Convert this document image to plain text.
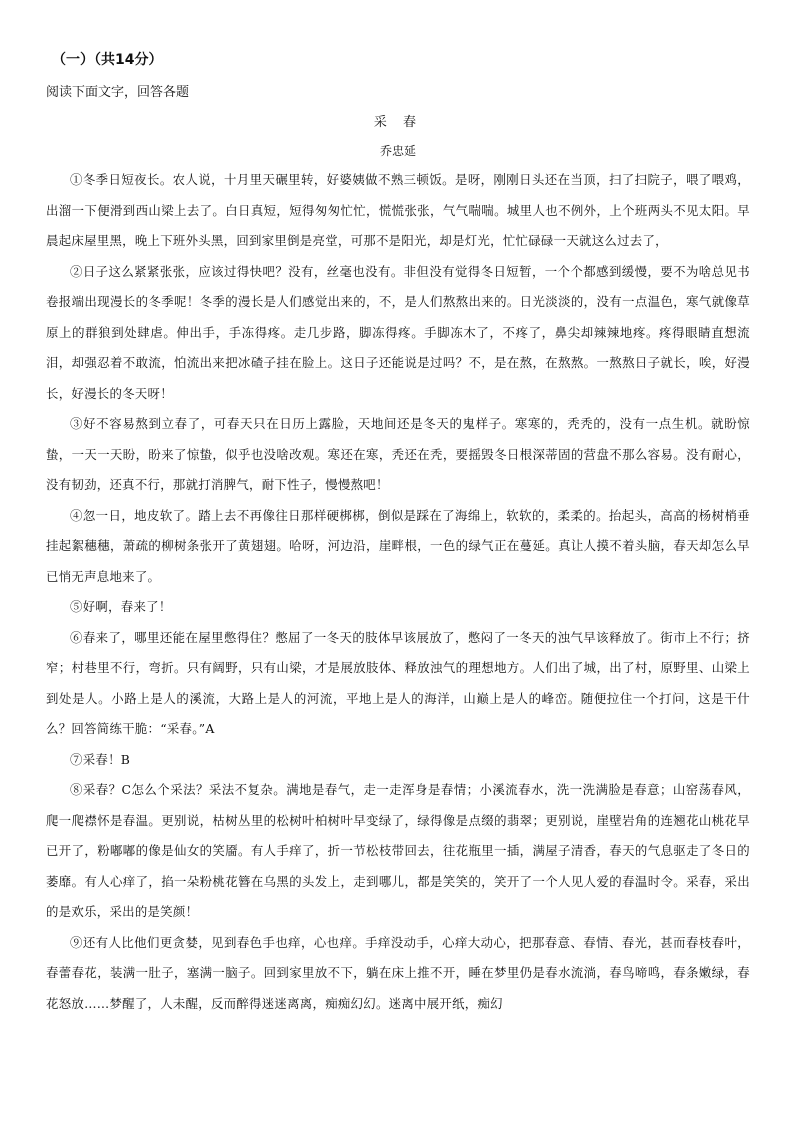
（一）（共14分）
阅读下面文字，回答各题
采 春
乔忠延

①冬季日短夜长。农人说，十月里天碾里转，好婆姨做不熟三顿饭。是呀，刚刚日头还在当顶，扫了扫院子，喂了喂鸡，出溜一下便滑到西山梁上去了。白日真短，短得匆匆忙忙，慌慌张张，气气喘喘。城里人也不例外，上个班两头不见太阳。早晨起床屋里黑，晚上下班外头黑，回到家里倒是亮堂，可那不是阳光，却是灯光，忙忙碌碌一天就这么过去了，

②日子这么紧紧张张，应该过得快吧？没有，丝毫也没有。非但没有觉得冬日短暂，一个个都感到缓慢，要不为啥总见书卷报端出现漫长的冬季呢！冬季的漫长是人们感觉出来的，不，是人们熬熬出来的。日光淡淡的，没有一点温色，寒气就像草原上的群狼到处肆虐。伸出手，手冻得疼。走几步路，脚冻得疼。手脚冻木了，不疼了，鼻尖却辣辣地疼。疼得眼睛直想流泪，却强忍着不敢流，怕流出来把冰碴子挂在脸上。这日子还能说是过吗？不，是在熬，在熬熬。一熬熬日子就长，唉，好漫长，好漫长的冬天呀！

③好不容易熬到立春了，可春天只在日历上露脸，天地间还是冬天的鬼样子。寒寒的，秃秃的，没有一点生机。就盼惊蛰，一天一天盼，盼来了惊蛰，似乎也没啥改观。寒还在寒，秃还在秃，要摇毁冬日根深蒂固的营盘不那么容易。没有耐心，没有韧劲，还真不行，那就打消脾气，耐下性子，慢慢熬吧！

④忽一日，地皮软了。踏上去不再像往日那样硬梆梆，倒似是踩在了海绵上，软软的，柔柔的。抬起头，高高的杨树梢垂挂起絮穗穗，萧疏的柳树条张开了黄翅翅。哈呀，河边沿，崖畔根，一色的绿气正在蔓延。真让人摸不着头脑，春天却怎么早已悄无声息地来了。

⑤好啊，春来了！

⑥春来了，哪里还能在屋里憋得住？憋屈了一冬天的肢体早该展放了，憋闷了一冬天的浊气早该释放了。街市上不行；挤窄；村巷里不行，弯折。只有阔野，只有山梁，才是展放肢体、释放浊气的理想地方。人们出了城，出了村，原野里、山梁上到处是人。小路上是人的溪流，大路上是人的河流，平地上是人的海洋，山巅上是人的峰峦。随便拉住一个打问，这是干什么？回答简练干脆：“采春。”A

⑦采春！B

⑧采春？C怎么个采法？采法不复杂。满地是春气，走一走浑身是春情；小溪流春水，洗一洗满脸是春意；山窑荡春风，爬一爬襟怀是春温。更别说，枯树丛里的松树叶柏树叶早变绿了，绿得像是点缀的翡翠；更别说，崖壁岩角的连翘花山桃花早已开了，粉嘟嘟的像是仙女的笑靥。有人手痒了，折一节松枝带回去，往花瓶里一插，满屋子清香，春天的气息驱走了冬日的萎靡。有人心痒了，掐一朵粉桃花簪在乌黑的头发上，走到哪儿，都是笑笑的，笑开了一个人见人爱的春温时令。采春，采出的是欢乐，采出的是笑颜！

⑨还有人比他们更贪婪，见到春色手也痒，心也痒。手痒没动手，心痒大动心，把那春意、春情、春光，甚而春枝春叶，春蕾春花，装满一肚子，塞满一脑子。回到家里放不下，躺在床上推不开，睡在梦里仍是春水流淌，春鸟啼鸣，春条嫩绿，春花怒放……梦醒了，人未醒，反而醉得迷迷离离，痴痴幻幻。迷离中展开纸，痴幻
